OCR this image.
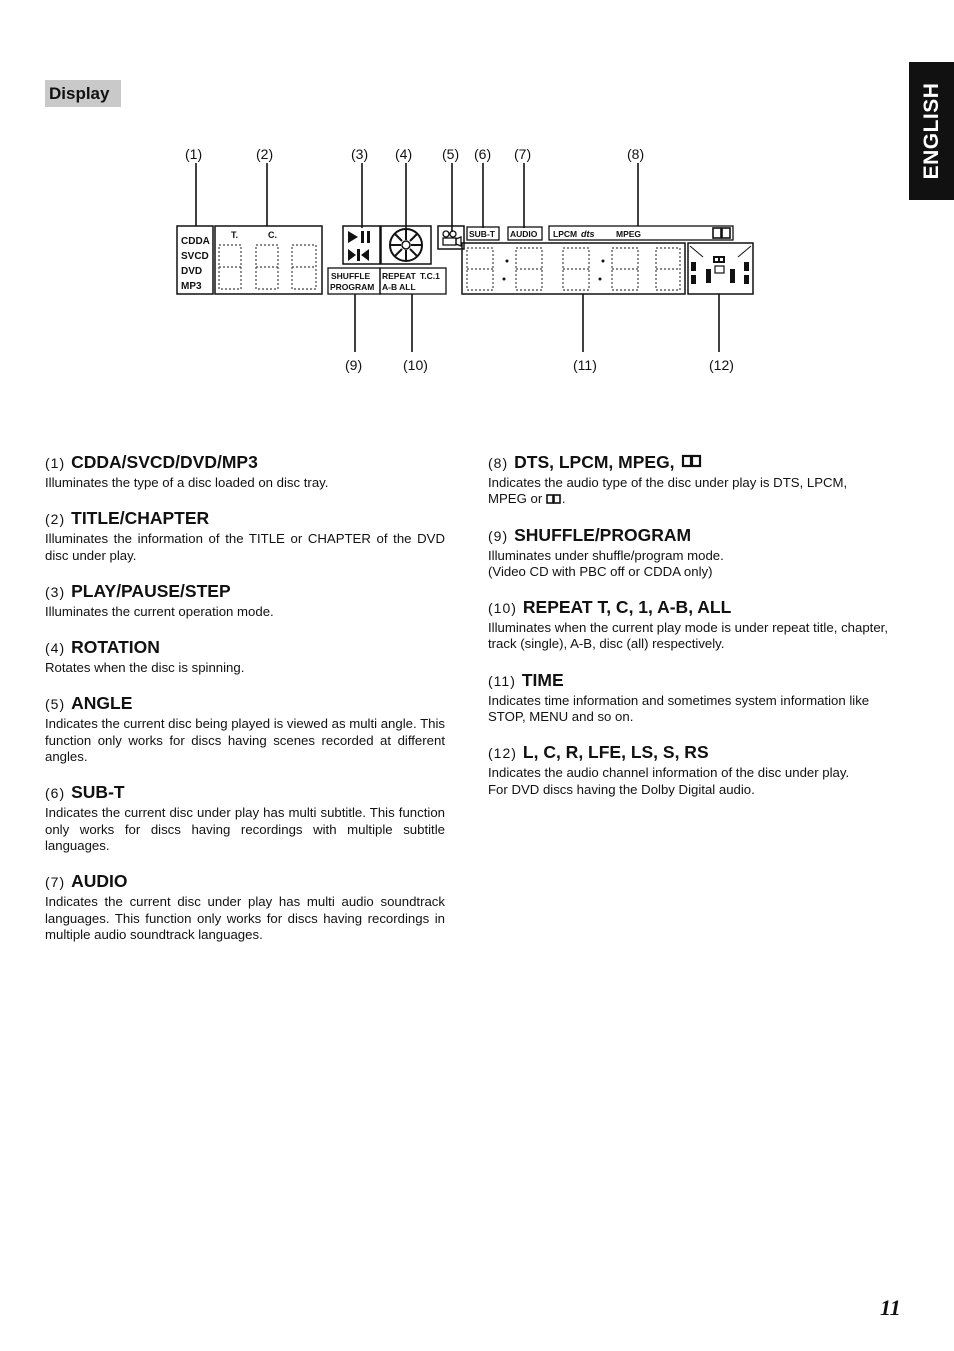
Display	ENGLISH
(1)	(2)	(3) (4) (5) (6) (7)	(8)
(9)	(10)	(11)	(12)
CDDA
SVCD
DVD
MP3
T.	C.	SUB-T AUDIO LPCM dts	MPEG
SHUFFLE
PROGRAM
REPEAT T.C.1
A-B ALL
(1) CDDA/SVCD/DVD/MP3
Illuminates the type of a disc loaded on disc tray.
(2) TITLE/CHAPTER
Illuminates the information of the TITLE or CHAPTER of the DVD disc under play.
(3) PLAY/PAUSE/STEP
Illuminates the current operation mode.
(4) ROTATION
Rotates when the disc is spinning.
(5) ANGLE
Indicates the current disc being played is viewed as multi angle. This function only works for discs having scenes recorded at different angles.
(6) SUB-T
Indicates the current disc under play has multi subtitle. This function only works for discs having recordings with multiple subtitle languages.
(7) AUDIO
Indicates the current disc under play has multi audio soundtrack languages. This function only works for discs having recordings in multiple audio soundtrack languages.
(8) DTS, LPCM, MPEG,
Indicates the audio type of the disc under play is DTS, LPCM, MPEG or .
(9) SHUFFLE/PROGRAM
Illuminates under shuffle/program mode.
(Video CD with PBC off or CDDA only)
(10) REPEAT T, C, 1, A-B, ALL
Illuminates when the current play mode is under repeat title, chapter, track (single), A-B, disc (all) respectively.
(11) TIME
Indicates time information and sometimes system information like STOP, MENU and so on.
(12) L, C, R, LFE, LS, S, RS
Indicates the audio channel information of the disc under play.
For DVD discs having the Dolby Digital audio.
11
